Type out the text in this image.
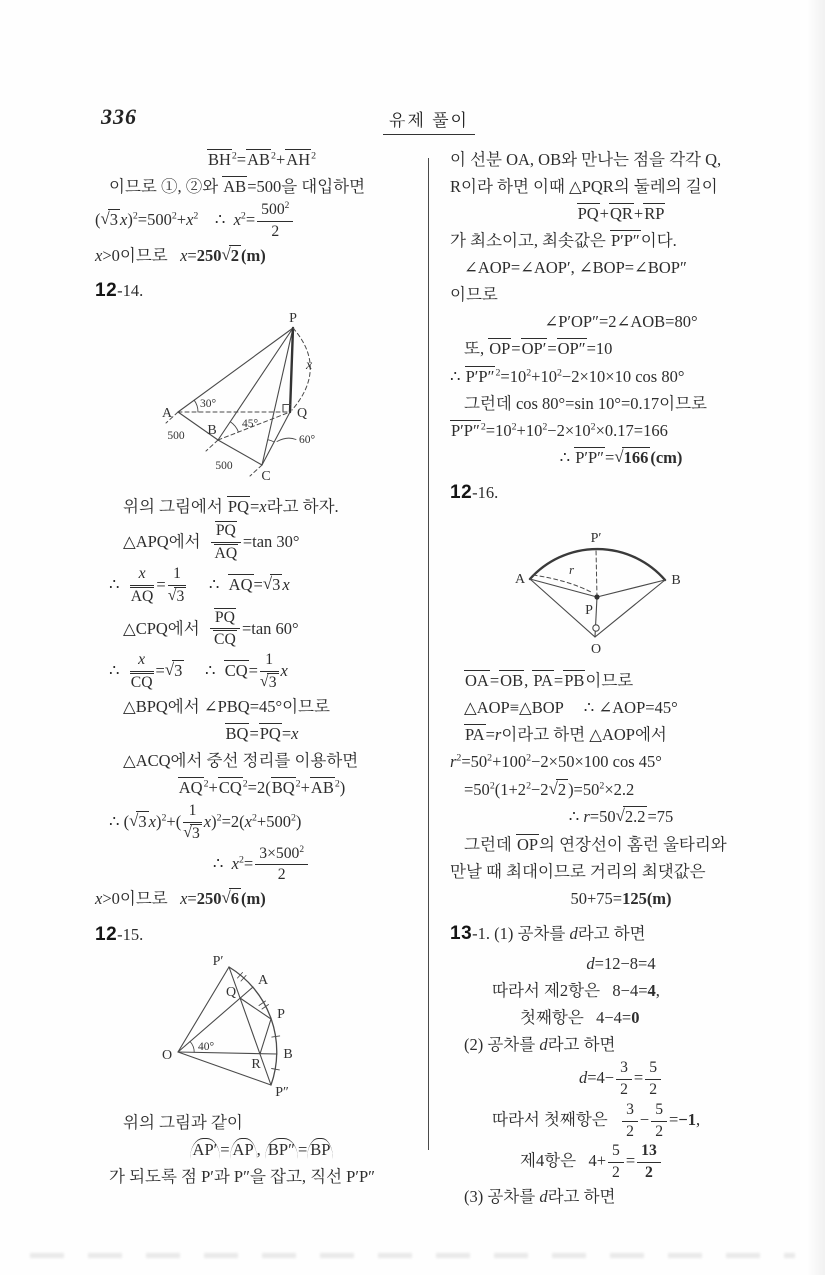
336	유제 풀이
$BH^2=AB^2+AH^2$
이므로 ①, ②와 AB=500을 대입하면
(√3 $x)^2=500^2+x^2$    ∴  $x^2= \frac{500^2}{2}$
x>0이므로   x=250√2 (m)
12-14.
P
A
B
C
Q
x
30°
45°
60°
500
500
위의 그림에서 PQ=x라고 하자.
△APQ에서 $\frac{PQ}{AQ} =\tan$ 30°
∴ $\frac{x}{AQ} = \frac{1}{√3}$ ∴  AQ=√3 x
△CPQ에서 $\frac{PQ}{CQ} =\tan$ 60°
∴ $\frac{x}{CQ} =√3$     ∴  $CQ= \frac{1}{√3}$ x
△BPQ에서 ∠PBQ=45°이므로
BQ=PQ=x
△ACQ에서 중선 정리를 이용하면
$AQ^2+CQ^2=2(BQ^2+AB^2)$
∴ (√3 $x)^2+( \frac{1}{√3} x)^2=2(x^2+500^2)$
∴  $x^2= \frac{3\times 500^2}{2}$
x>0이므로   x=250√6 (m)
12-15.
O
P′
A
Q
P
R
B
P″
40°
위의 그림과 같이
AP′ = AP , BP″ = BP
가 되도록 점 P′과 P″을 잡고, 직선 P′P″
이 선분 OA, OB와 만나는 점을 각각 Q,
R이라 하면 이때 △PQR의 둘레의 길이
PQ+QR+RP
가 최소이고, 최솟값은 P′P″이다.
∠AOP=∠AOP′, ∠BOP=∠BOP″
이므로
∠P′OP″=2∠AOB=80°
또, OP=OP′=OP″=10
∴ $P'P''^2=10^2+10^2-2\times 10\times 10$ cos 80°
그런데 cos 80°=sin 10°=0.17이므로
$P'P''^2=10^2+10^2-2\times 10^2\times 0.17=166$
∴ P′P″=√166 (cm)
12-16.
P′
A	B
P
O
r
OA=OB, PA=PB이므로
△AOP≡△BOP     ∴ ∠AOP=45°
PA=r이라고 하면 △AOP에서
$r^2=50^2+100^2-2\times 50\times 100$ cos 45°
$=50^2(1+2^2-2√2$ )$=50^2\times 2.2$
∴ r=50√2.2 =75
그런데 OP의 연장선이 홈런 울타리와
만날 때 최대이므로 거리의 최댓값은
50+75=125(m)
13-1. (1) 공차를 d라고 하면
d=12−8=4
따라서 제2항은   8−4=4,
첫째항은   4−4=0
(2) 공차를 d라고 하면
$d=4- \frac{3}{2} = \frac{5}{2}$
따라서 첫째항은 $\frac{3}{2} - \frac{5}{2} =-1$,
제4항은   $4+ \frac{5}{2} = \frac{13}{2}$
(3) 공차를 d라고 하면
